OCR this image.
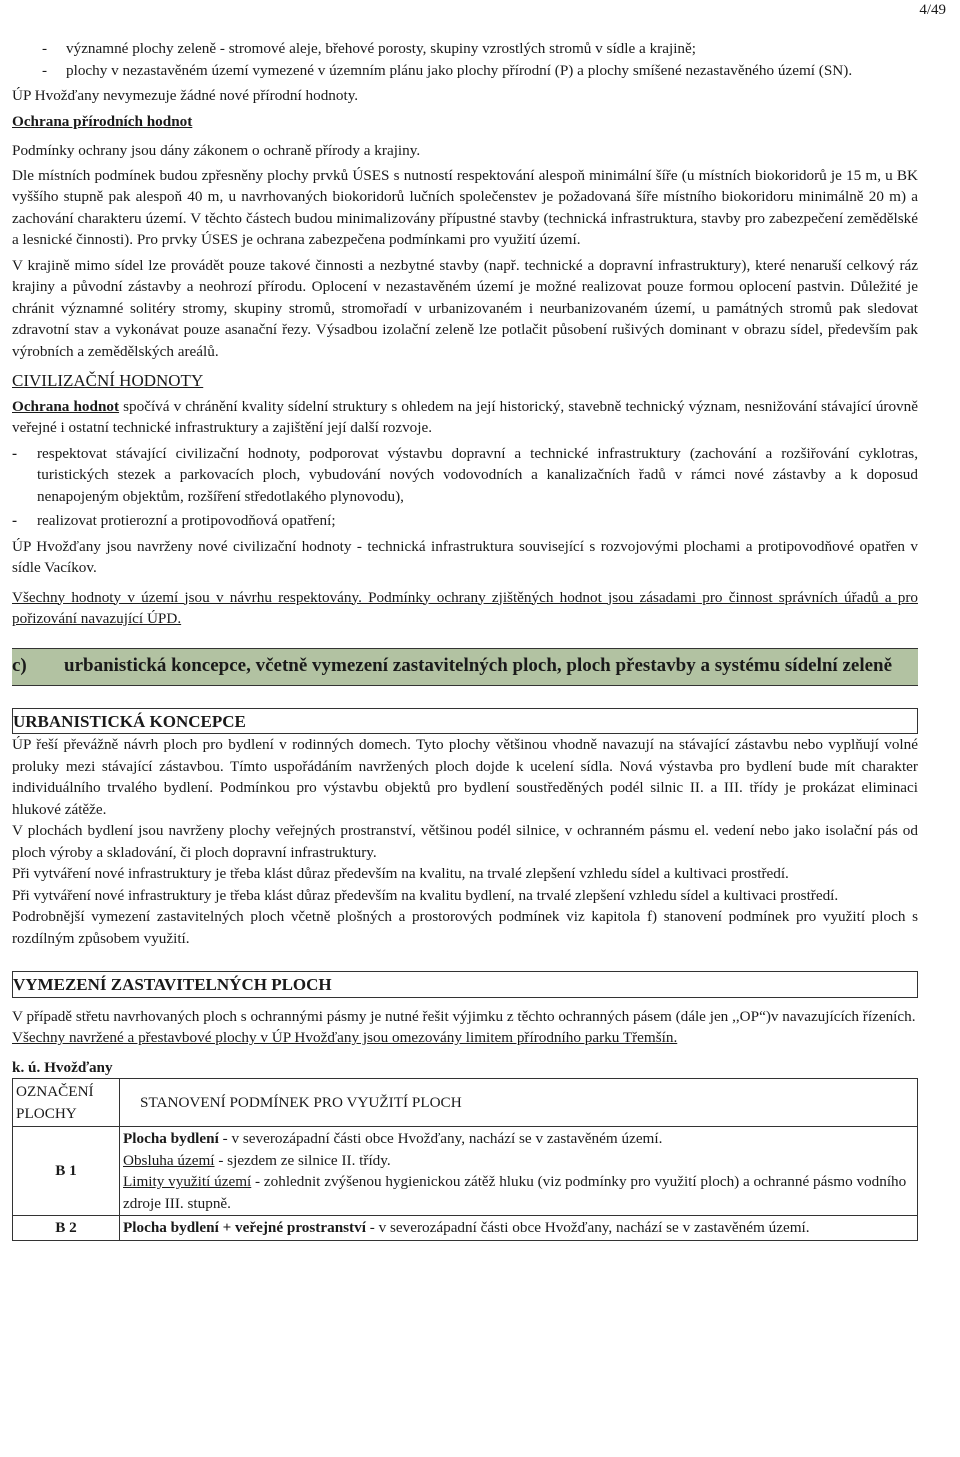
4/49
- významné plochy zeleně - stromové aleje, břehové porosty, skupiny vzrostlých stromů v sídle a krajině;
- plochy v nezastavěném území vymezené v územním plánu jako plochy přírodní (P) a plochy smíšené nezastavěného území (SN).

ÚP Hvožďany nevymezuje žádné nové přírodní hodnoty.

Ochrana přírodních hodnot

Podmínky ochrany jsou dány zákonem o ochraně přírody a krajiny.

Dle místních podmínek budou zpřesněny plochy prvků ÚSES s nutností respektování alespoň minimální šíře (u místních biokoridorů je 15 m, u BK vyššího stupně pak alespoň 40 m, u navrhovaných biokoridorů lučních společenstev je požadovaná šíře místního biokoridoru minimálně 20 m) a zachování charakteru území. V těchto částech budou minimalizovány přípustné stavby (technická infrastruktura, stavby pro zabezpečení zemědělské a lesnické činnosti). Pro prvky ÚSES je ochrana zabezpečena podmínkami pro využití území.

V krajině mimo sídel lze provádět pouze takové činnosti a nezbytné stavby (např. technické a dopravní infrastruktury), které nenaruší celkový ráz krajiny a původní zástavby a neohrozí přírodu. Oplocení v nezastavěném území je možné realizovat pouze formou oplocení pastvin. Důležité je chránit významné solitéry stromy, skupiny stromů, stromořadí v urbanizovaném i neurbanizovaném území, u památných stromů pak sledovat zdravotní stav a vykonávat pouze asanační řezy. Výsadbou izolační zeleně lze potlačit působení rušivých dominant v obrazu sídel, především pak výrobních a zemědělských areálů.

CIVILIZAČNÍ HODNOTY

Ochrana hodnot spočívá v chránění kvality sídelní struktury s ohledem na její historický, stavebně technický význam, nesnižování stávající úrovně veřejné i ostatní technické infrastruktury a zajištění její další rozvoje.

- respektovat stávající civilizační hodnoty, podporovat výstavbu dopravní a technické infrastruktury (zachování a rozšiřování cyklotras, turistických stezek a parkovacích ploch, vybudování nových vodovodních a kanalizačních řadů v rámci nové zástavby a k doposud nenapojeným objektům, rozšíření středotlakého plynovodu),
- realizovat protierozní a protipovodňová opatření;

ÚP Hvožďany jsou navrženy nové civilizační hodnoty - technická infrastruktura související s rozvojovými plochami a protipovodňové opatřen v sídle Vacíkov.

Všechny hodnoty v území jsou v návrhu respektovány. Podmínky ochrany zjištěných hodnot jsou zásadami pro činnost správních úřadů a pro pořizování navazující ÚPD.

c)	urbanistická koncepce, včetně vymezení zastavitelných ploch, ploch přestavby a systému sídelní zeleně
URBANISTICKÁ KONCEPCE

ÚP řeší převážně návrh ploch pro bydlení v rodinných domech. Tyto plochy většinou vhodně navazují na stávající zástavbu nebo vyplňují volné proluky mezi stávající zástavbou. Tímto uspořádáním navržených ploch dojde k ucelení sídla. Nová výstavba pro bydlení bude mít charakter individuálního trvalého bydlení. Podmínkou pro výstavbu objektů pro bydlení soustředěných podél silnic II. a III. třídy je prokázat eliminaci hlukové zátěže.

V plochách bydlení jsou navrženy plochy veřejných prostranství, většinou podél silnice, v ochranném pásmu el. vedení nebo jako isolační pás od ploch výroby a skladování, či ploch dopravní infrastruktury.

Při vytváření nové infrastruktury je třeba klást důraz především na kvalitu, na trvalé zlepšení vzhledu sídel a kultivaci prostředí.

Při vytváření nové infrastruktury je třeba klást důraz především na kvalitu bydlení, na trvalé zlepšení vzhledu sídel a kultivaci prostředí.

Podrobnější vymezení zastavitelných ploch včetně plošných a prostorových podmínek viz kapitola f) stanovení podmínek pro využití ploch s rozdílným způsobem využití.

VYMEZENÍ ZASTAVITELNÝCH PLOCH

V případě střetu navrhovaných ploch s ochrannými pásmy je nutné řešit výjimku z těchto ochranných pásem (dále jen ,,OP“)v navazujících řízeních.

Všechny navržené a přestavbové plochy v ÚP Hvožďany jsou omezovány limitem přírodního parku Třemšín.

k. ú. Hvožďany

OZNAČENÍ PLOCHY	STANOVENÍ PODMÍNEK PRO VYUŽITÍ PLOCH
B 1	Plocha bydlení - v severozápadní části obce Hvožďany, nachází se v zastavěném území.
Obsluha území - sjezdem ze silnice II. třídy.
Limity využití území - zohlednit zvýšenou hygienickou zátěž hluku (viz podmínky pro využití ploch) a ochranné pásmo vodního zdroje III. stupně.

B 2	Plocha bydlení + veřejné prostranství - v severozápadní části obce Hvožďany, nachází se v zastavěném území.
